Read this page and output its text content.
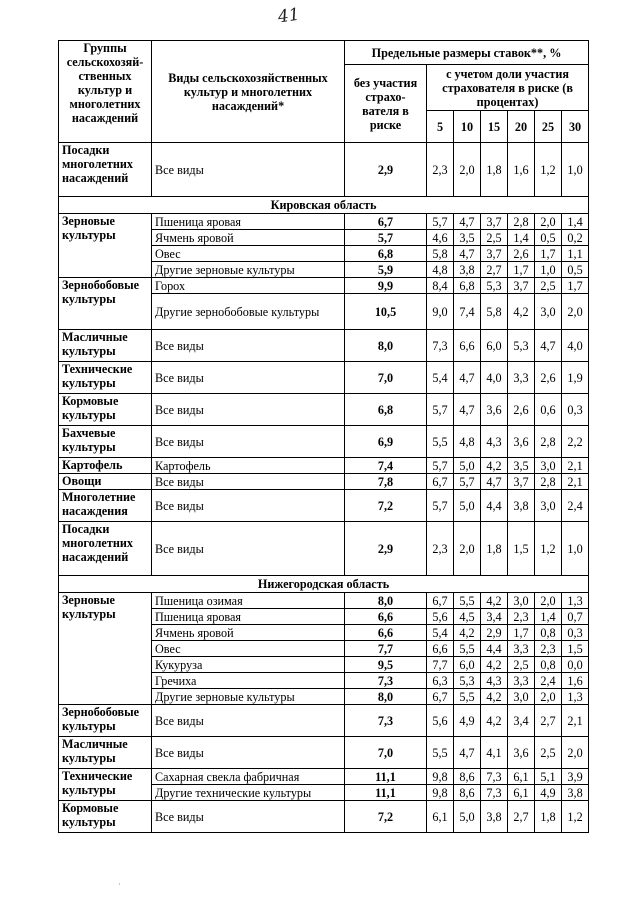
41
Группы сельскохозяй-ственных культур и многолетних насаждений	Виды сельскохозяйственных культур и многолетних насаждений*	Предельные размеры ставок**, %						
		без участия страхо-вателя в риске	с учетом доли участия страхователя в риске (в процентах)					
			5	10	15	20	25	30
Посадки многолетних насаждений	Все виды	2,9	2,3	2,0	1,8	1,6	1,2	1,0
Кировская область								
Зерновые культуры	Пшеница яровая	6,7	5,7	4,7	3,7	2,8	2,0	1,4
	Ячмень яровой	5,7	4,6	3,5	2,5	1,4	0,5	0,2
	Овес	6,8	5,8	4,7	3,7	2,6	1,7	1,1
	Другие зерновые культуры	5,9	4,8	3,8	2,7	1,7	1,0	0,5
Зернобобовые культуры	Горох	9,9	8,4	6,8	5,3	3,7	2,5	1,7
	Другие зернобобовые культуры	10,5	9,0	7,4	5,8	4,2	3,0	2,0
Масличные культуры	Все виды	8,0	7,3	6,6	6,0	5,3	4,7	4,0
Технические культуры	Все виды	7,0	5,4	4,7	4,0	3,3	2,6	1,9
Кормовые культуры	Все виды	6,8	5,7	4,7	3,6	2,6	0,6	0,3
Бахчевые культуры	Все виды	6,9	5,5	4,8	4,3	3,6	2,8	2,2
Картофель	Картофель	7,4	5,7	5,0	4,2	3,5	3,0	2,1
Овощи	Все виды	7,8	6,7	5,7	4,7	3,7	2,8	2,1
Многолетние насаждения	Все виды	7,2	5,7	5,0	4,4	3,8	3,0	2,4
Посадки многолетних насаждений	Все виды	2,9	2,3	2,0	1,8	1,5	1,2	1,0
Нижегородская область								
Зерновые культуры	Пшеница озимая	8,0	6,7	5,5	4,2	3,0	2,0	1,3
	Пшеница яровая	6,6	5,6	4,5	3,4	2,3	1,4	0,7
	Ячмень яровой	6,6	5,4	4,2	2,9	1,7	0,8	0,3
	Овес	7,7	6,6	5,5	4,4	3,3	2,3	1,5
	Кукуруза	9,5	7,7	6,0	4,2	2,5	0,8	0,0
	Гречиха	7,3	6,3	5,3	4,3	3,3	2,4	1,6
	Другие зерновые культуры	8,0	6,7	5,5	4,2	3,0	2,0	1,3
Зернобобовые культуры	Все виды	7,3	5,6	4,9	4,2	3,4	2,7	2,1
Масличные культуры	Все виды	7,0	5,5	4,7	4,1	3,6	2,5	2,0
Технические культуры	Сахарная свекла фабричная	11,1	9,8	8,6	7,3	6,1	5,1	3,9
	Другие технические культуры	11,1	9,8	8,6	7,3	6,1	4,9	3,8
Кормовые культуры	Все виды	7,2	6,1	5,0	3,8	2,7	1,8	1,2
·
